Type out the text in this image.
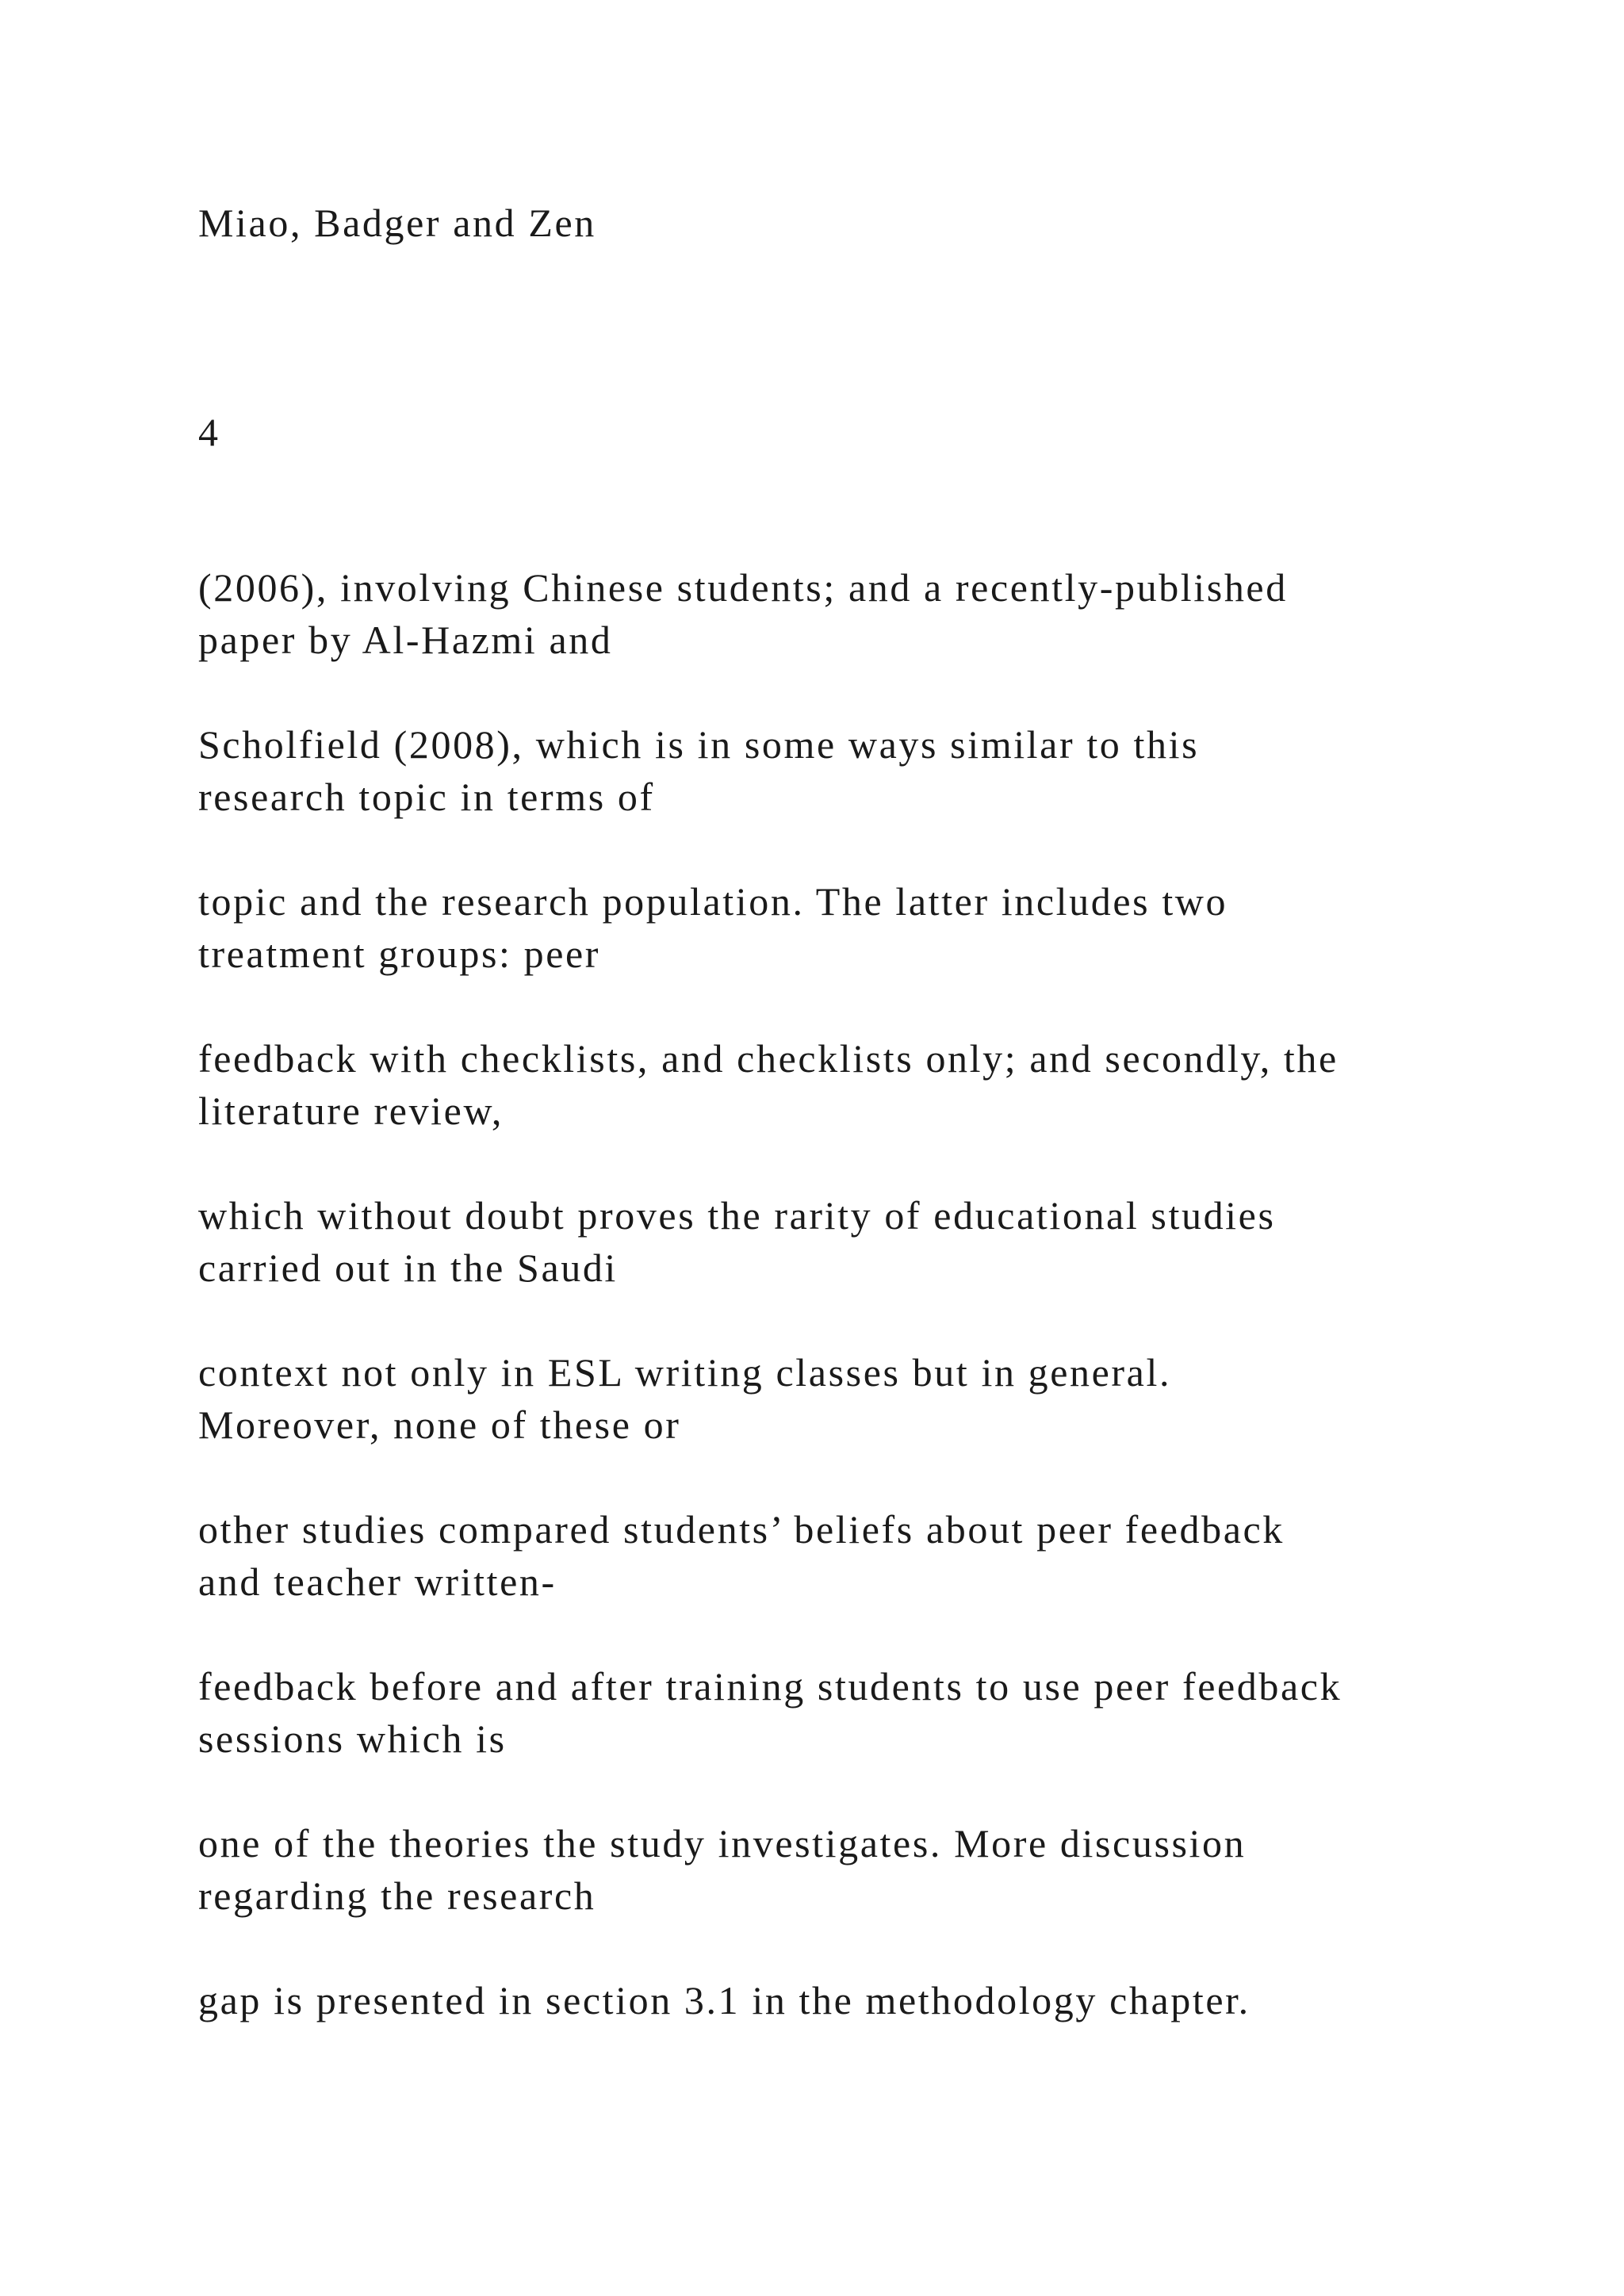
Miao, Badger and Zen
4

(2006), involving Chinese students; and a recently-published
paper by Al-Hazmi and

Scholfield (2008), which is in some ways similar to this
research topic in terms of

topic and the research population. The latter includes two
treatment groups: peer

feedback with checklists, and checklists only; and secondly, the
literature review,

which without doubt proves the rarity of educational studies
carried out in the Saudi

context not only in ESL writing classes but in general.
Moreover, none of these or

other studies compared students’ beliefs about peer feedback
and teacher written-

feedback before and after training students to use peer feedback
sessions which is

one of the theories the study investigates. More discussion
regarding the research

gap is presented in section 3.1 in the methodology chapter.
